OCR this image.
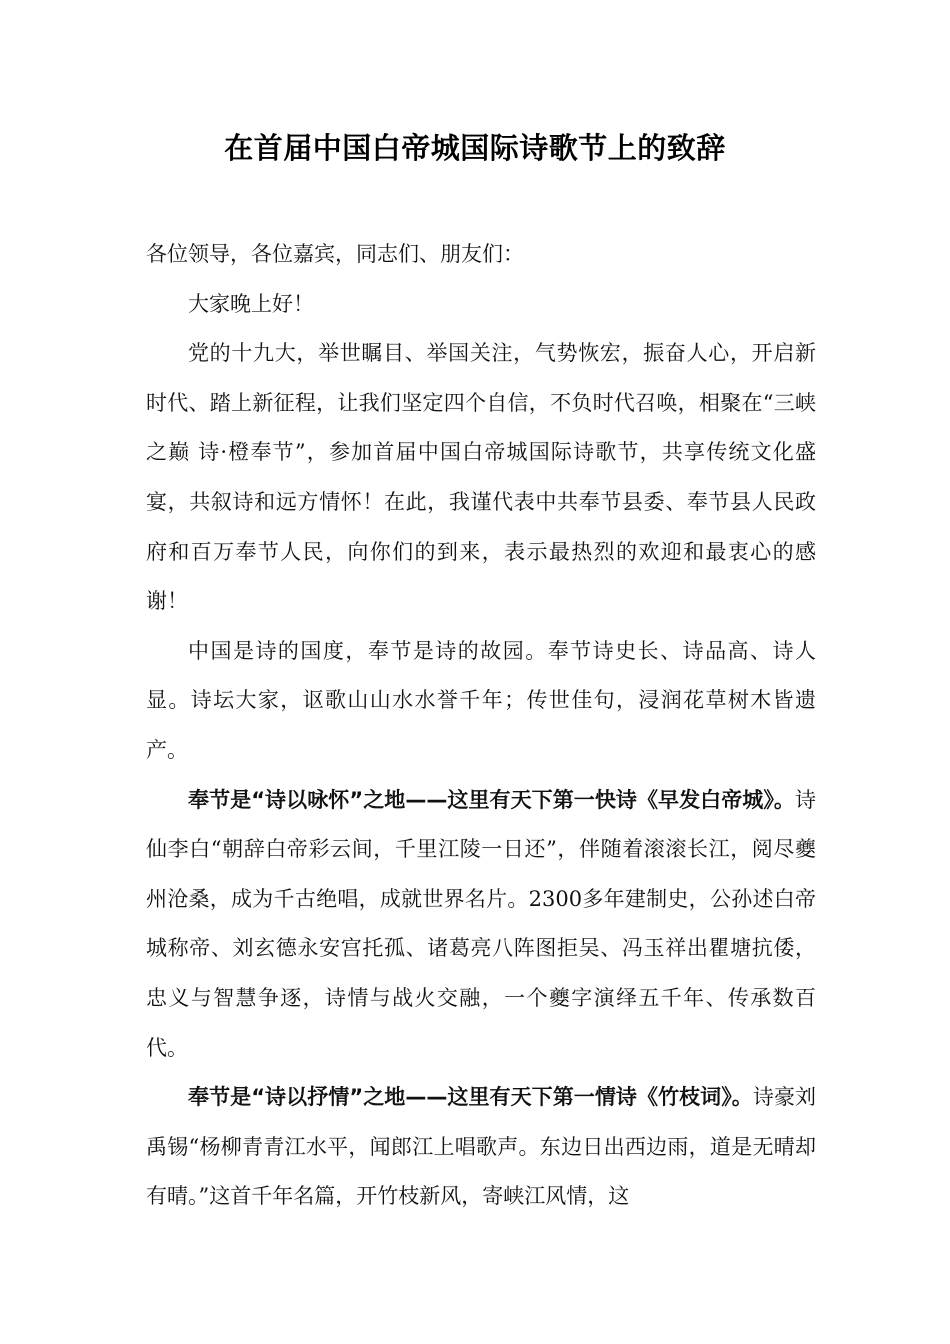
在首届中国白帝城国际诗歌节上的致辞

各位领导，各位嘉宾，同志们、朋友们：

大家晚上好！

党的十九大，举世瞩目、举国关注，气势恢宏，振奋人心，开启新时代、踏上新征程，让我们坚定四个自信，不负时代召唤，相聚在“三峡之巅 诗·橙奉节”，参加首届中国白帝城国际诗歌节，共享传统文化盛宴，共叙诗和远方情怀！在此，我谨代表中共奉节县委、奉节县人民政府和百万奉节人民，向你们的到来，表示最热烈的欢迎和最衷心的感谢！

中国是诗的国度，奉节是诗的故园。奉节诗史长、诗品高、诗人显。诗坛大家，讴歌山山水水誉千年；传世佳句，浸润花草树木皆遗产。

奉节是“诗以咏怀”之地——这里有天下第一快诗《早发白帝城》。诗仙李白“朝辞白帝彩云间，千里江陵一日还”，伴随着滚滚长江，阅尽夔州沧桑，成为千古绝唱，成就世界名片。2300多年建制史，公孙述白帝城称帝、刘玄德永安宫托孤、诸葛亮八阵图拒吴、冯玉祥出瞿塘抗倭，忠义与智慧争逐，诗情与战火交融，一个夔字演绎五千年、传承数百代。

奉节是“诗以抒情”之地——这里有天下第一情诗《竹枝词》。诗豪刘禹锡“杨柳青青江水平，闻郎江上唱歌声。东边日出西边雨，道是无晴却有晴。”这首千年名篇，开竹枝新风，寄峡江风情，这
